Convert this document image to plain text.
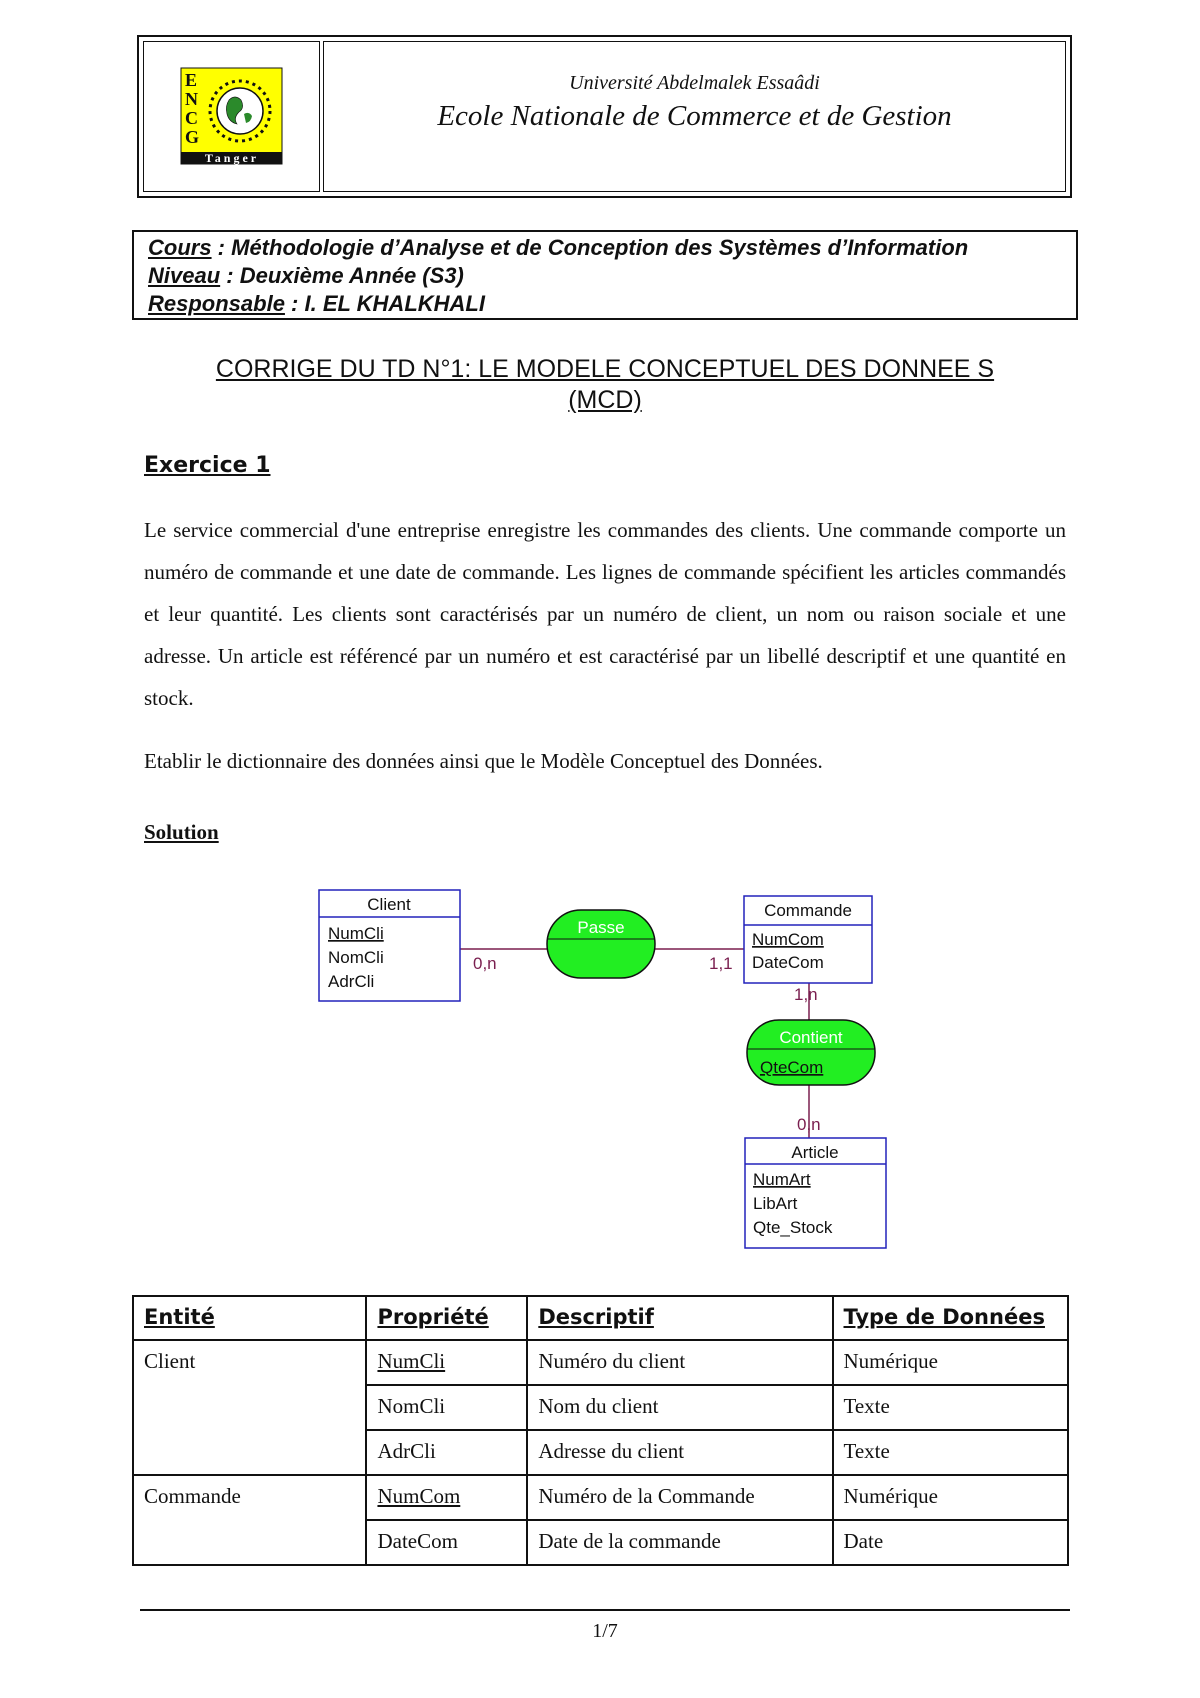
E
N
C
G
Tanger
Université Abdelmalek Essaâdi
Ecole Nationale de Commerce et de Gestion
Cours : Méthodologie d’Analyse et de Conception des Systèmes d’Information
Niveau : Deuxième Année (S3)
Responsable : I. EL KHALKHALI
CORRIGE DU TD N°1: LE MODELE CONCEPTUEL DES DONNEE S
(MCD)
Exercice 1
Le service commercial d'une entreprise enregistre les commandes des clients. Une commande comporte un numéro de commande et une date de commande. Les lignes de commande spécifient les articles commandés et leur quantité. Les clients sont caractérisés par un numéro de client, un nom ou raison sociale et une adresse. Un article est référencé par un numéro et est caractérisé par un libellé descriptif et une quantité en stock.
Etablir le dictionnaire des données ainsi que le Modèle Conceptuel des Données.
Solution
Client
NumCli
NomCli
AdrCli
Passe
Commande
NumCom
DateCom
Contient
QteCom
Article
NumArt
LibArt
Qte_Stock
0,n	1,1
1,n
0,n
Entité	Propriété	Descriptif	Type de Données
Client	NumCli	Numéro du client	Numérique
	NomCli	Nom du client	Texte
	AdrCli	Adresse du client	Texte
Commande	NumCom	Numéro de la Commande	Numérique
	DateCom	Date de la commande	Date
1/7
